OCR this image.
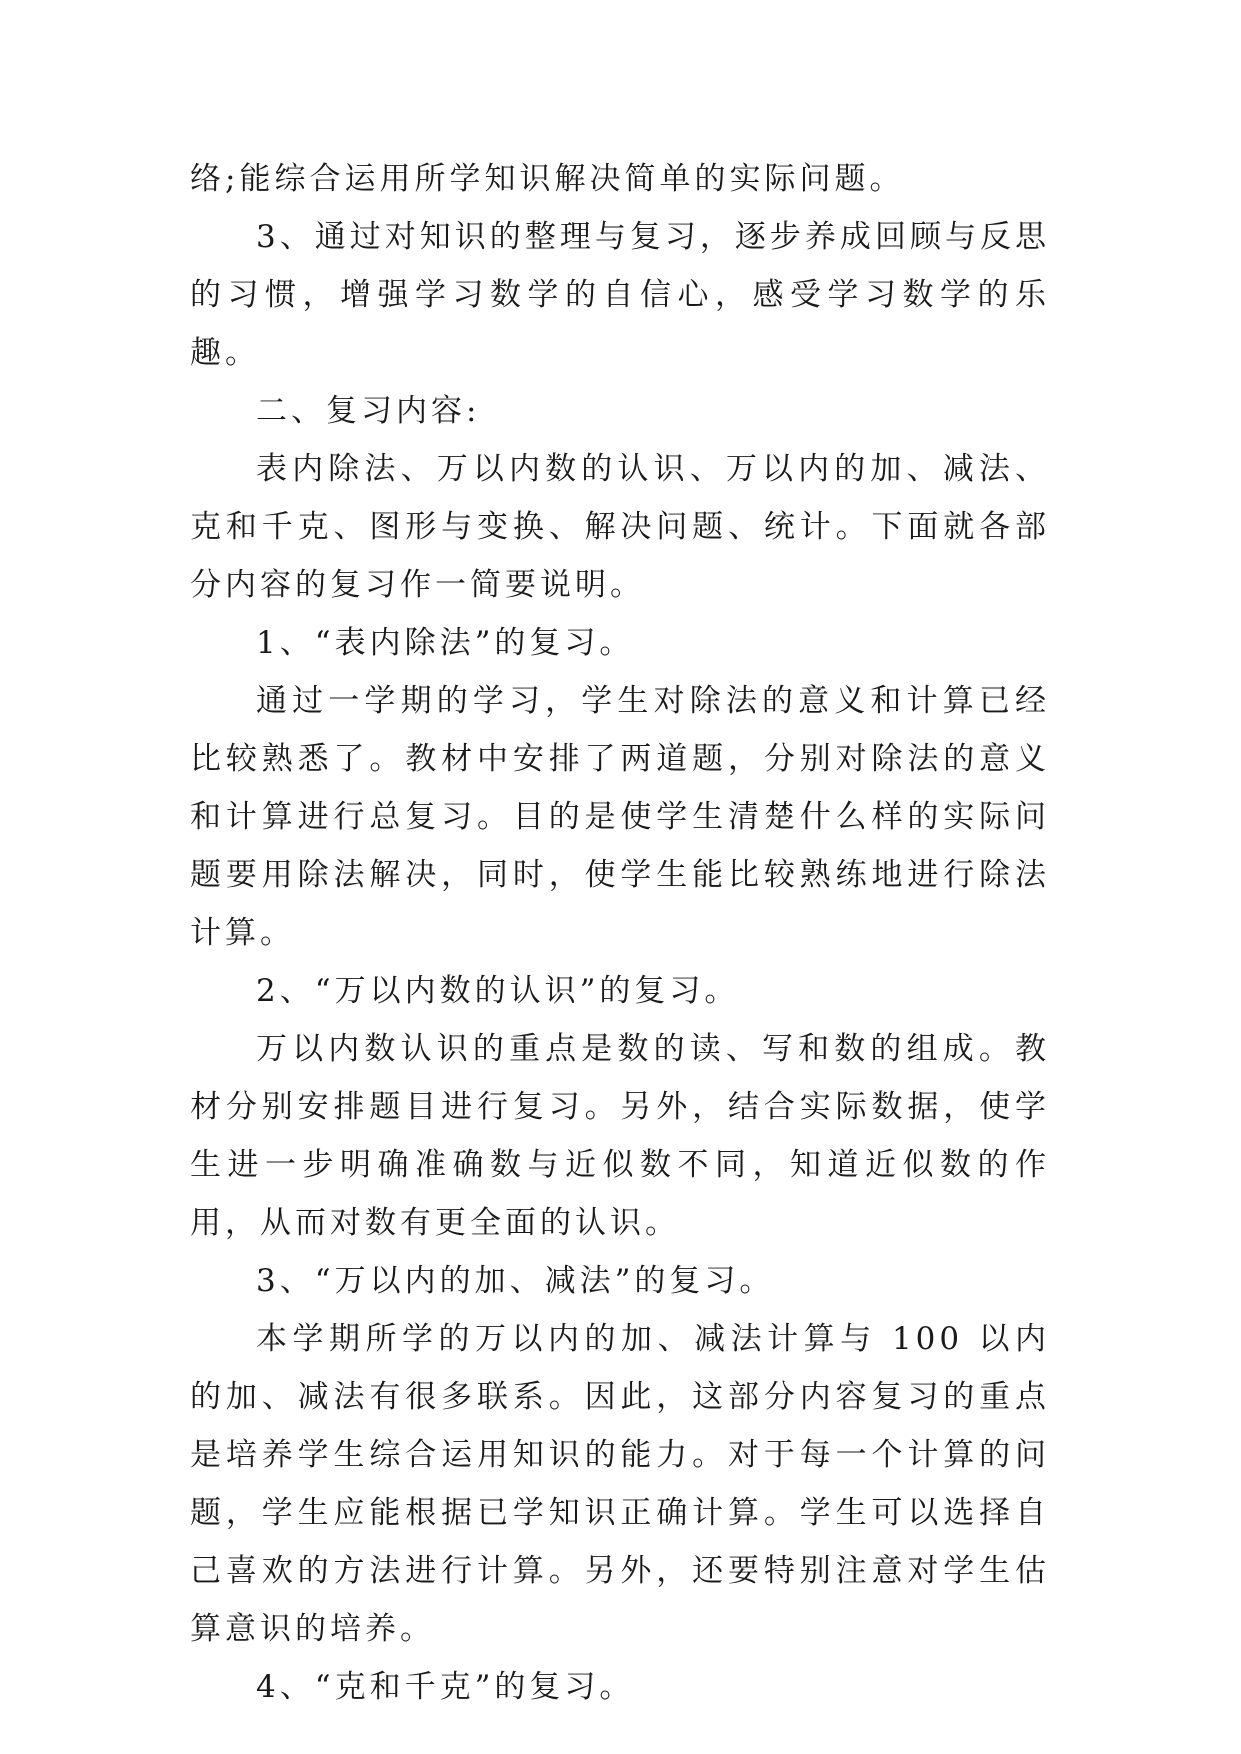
络;能综合运用所学知识解决简单的实际问题。

3、通过对知识的整理与复习，逐步养成回顾与反思的习惯，增强学习数学的自信心，感受学习数学的乐趣。

二、复习内容:

表内除法、万以内数的认识、万以内的加、减法、克和千克、图形与变换、解决问题、统计。下面就各部分内容的复习作一简要说明。

1、“表内除法”的复习。

通过一学期的学习，学生对除法的意义和计算已经比较熟悉了。教材中安排了两道题，分别对除法的意义和计算进行总复习。目的是使学生清楚什么样的实际问题要用除法解决，同时，使学生能比较熟练地进行除法计算。

2、“万以内数的认识”的复习。

万以内数认识的重点是数的读、写和数的组成。教材分别安排题目进行复习。另外，结合实际数据，使学生进一步明确准确数与近似数不同，知道近似数的作用，从而对数有更全面的认识。

3、“万以内的加、减法”的复习。

本学期所学的万以内的加、减法计算与 100 以内的加、减法有很多联系。因此，这部分内容复习的重点是培养学生综合运用知识的能力。对于每一个计算的问题，学生应能根据已学知识正确计算。学生可以选择自己喜欢的方法进行计算。另外，还要特别注意对学生估算意识的培养。

4、“克和千克”的复习。
